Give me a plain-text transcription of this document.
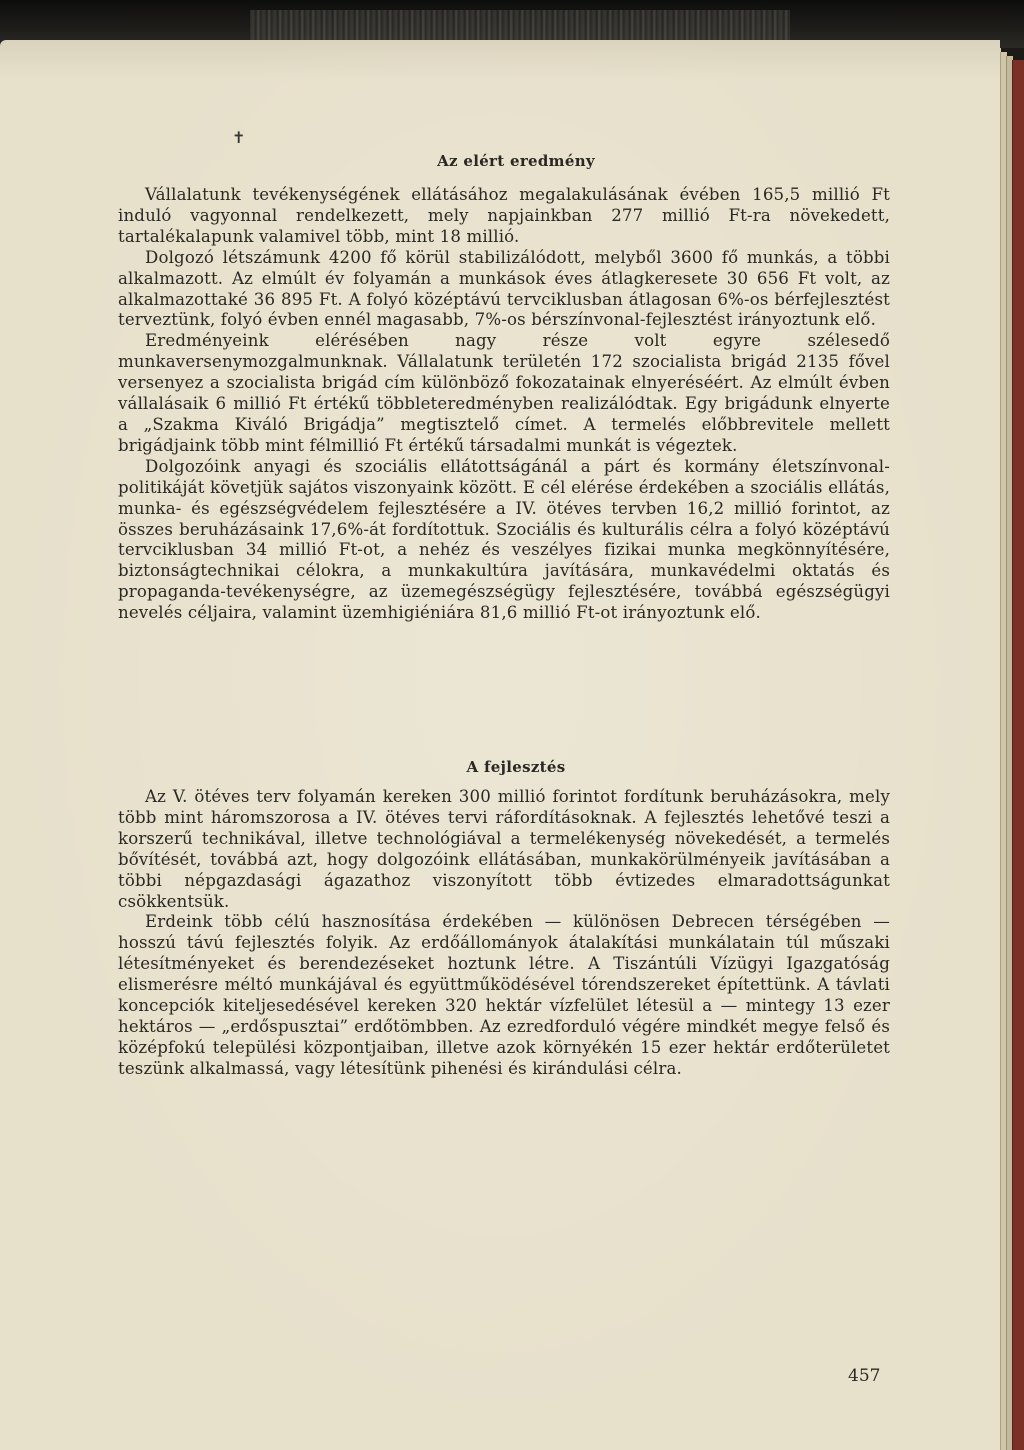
✝
Az elért eredmény

Vállalatunk tevékenységének ellátásához megalakulásának évében 165,5 millió Ft induló vagyonnal rendelkezett, mely napjainkban 277 millió Ft-ra növekedett, tartalékalapunk valamivel több, mint 18 millió.

Dolgozó létszámunk 4200 fő körül stabilizálódott, melyből 3600 fő munkás, a többi alkalmazott. Az elmúlt év folyamán a munkások éves átlagkeresete 30 656 Ft volt, az alkalmazottaké 36 895 Ft. A folyó középtávú tervciklusban átlagosan 6%-os bérfejlesztést terveztünk, folyó évben ennél magasabb, 7%-os bérszínvonal-fejlesztést irányoztunk elő.

Eredményeink elérésében nagy része volt egyre szélesedő munkaversenymozgalmunknak. Vállalatunk területén 172 szocialista brigád 2135 fővel versenyez a szocialista brigád cím különböző fokozatainak elnyeréséért. Az elmúlt évben vállalásaik 6 millió Ft értékű többleteredményben realizálódtak. Egy brigádunk elnyerte a „Szakma Kiváló Brigádja” megtisztelő címet. A termelés előbbrevitele mellett brigádjaink több mint félmillió Ft értékű társadalmi munkát is végeztek.

Dolgozóink anyagi és szociális ellátottságánál a párt és kormány életszínvonal-politikáját követjük sajátos viszonyaink között. E cél elérése érdekében a szociális ellátás, munka- és egészségvédelem fejlesztésére a IV. ötéves tervben 16,2 millió forintot, az összes beruházásaink 17,6%-át fordítottuk. Szociális és kulturális célra a folyó középtávú tervciklusban 34 millió Ft-ot, a nehéz és veszélyes fizikai munka megkönnyítésére, biztonságtechnikai célokra, a munkakultúra javítására, munkavédelmi oktatás és propaganda-tevékenységre, az üzemegészségügy fejlesztésére, továbbá egészségügyi nevelés céljaira, valamint üzemhigiéniára 81,6 millió Ft-ot irányoztunk elő.

A fejlesztés

Az V. ötéves terv folyamán kereken 300 millió forintot fordítunk beruházásokra, mely több mint háromszorosa a IV. ötéves tervi ráfordításoknak. A fejlesztés lehetővé teszi a korszerű technikával, illetve technológiával a termelékenység növekedését, a termelés bővítését, továbbá azt, hogy dolgozóink ellátásában, munkakörülményeik javításában a többi népgazdasági ágazathoz viszonyított több évtizedes elmaradottságunkat csökkentsük.

Erdeink több célú hasznosítása érdekében — különösen Debrecen térségében — hosszú távú fejlesztés folyik. Az erdőállományok átalakítási munkálatain túl műszaki létesítményeket és berendezéseket hoztunk létre. A Tiszántúli Vízügyi Igazgatóság elismerésre méltó munkájával és együttműködésével tórendszereket építettünk. A távlati koncepciók kiteljesedésével kereken 320 hektár vízfelület létesül a — mintegy 13 ezer hektáros — „erdőspusztai” erdőtömbben. Az ezredforduló végére mindkét megye felső és középfokú települési központjaiban, illetve azok környékén 15 ezer hektár erdőterületet teszünk alkalmassá, vagy létesítünk pihenési és kirándulási célra.

457
